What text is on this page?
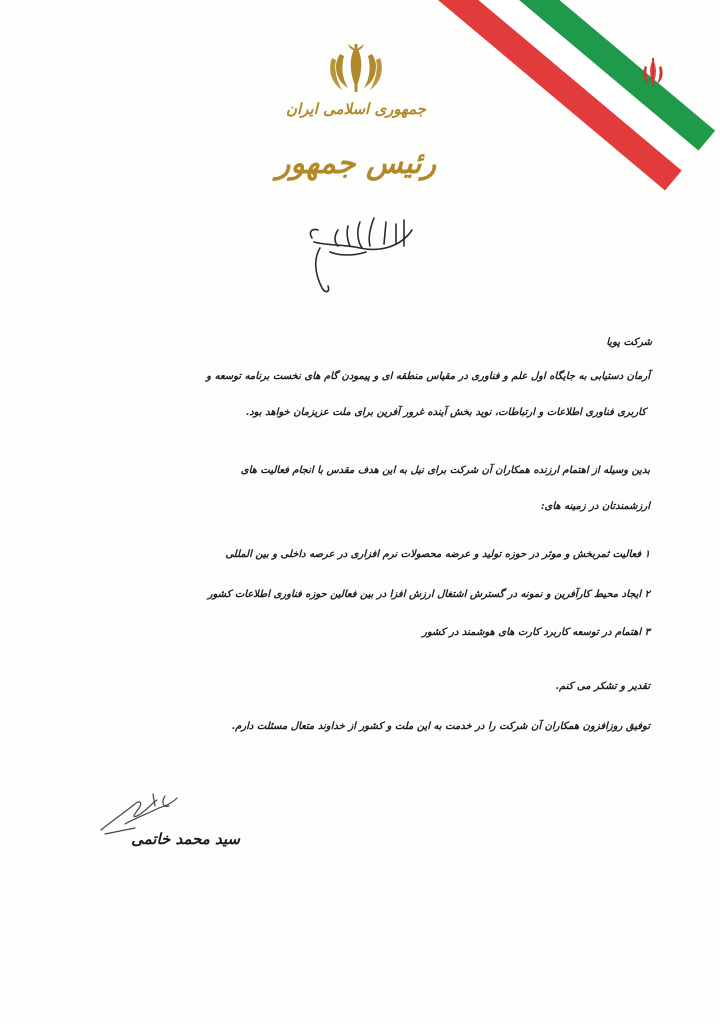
جمهوری اسلامی ایران
رئیس جمهور
شرکت پویا
آرمان دستیابی به جایگاه اول علم و فناوری در مقیاس منطقه ای و پیمودن گام های نخست برنامه توسعه و
کاربری فناوری اطلاعات و ارتباطات، نوید بخش آینده غرور آفرین برای ملت عزیزمان خواهد بود.
بدین وسیله از اهتمام ارزنده همکاران آن شرکت برای نیل به این هدف مقدس با انجام فعالیت های
ارزشمندتان در زمینه های:
۱ فعالیت ثمربخش و موثر در حوزه تولید و عرضه محصولات نرم افزاری در عرصه داخلی و بین المللی
۲ ایجاد محیط کارآفرین و نمونه در گسترش اشتغال ارزش افزا در بین فعالین حوزه فناوری اطلاعات کشور
۳ اهتمام در توسعه کاربرد کارت های هوشمند در کشور
تقدیر و تشکر می کنم.
توفیق روزافزون همکاران آن شرکت را در خدمت به این ملت و کشور از خداوند متعال مسئلت دارم.
سید محمد خاتمی
